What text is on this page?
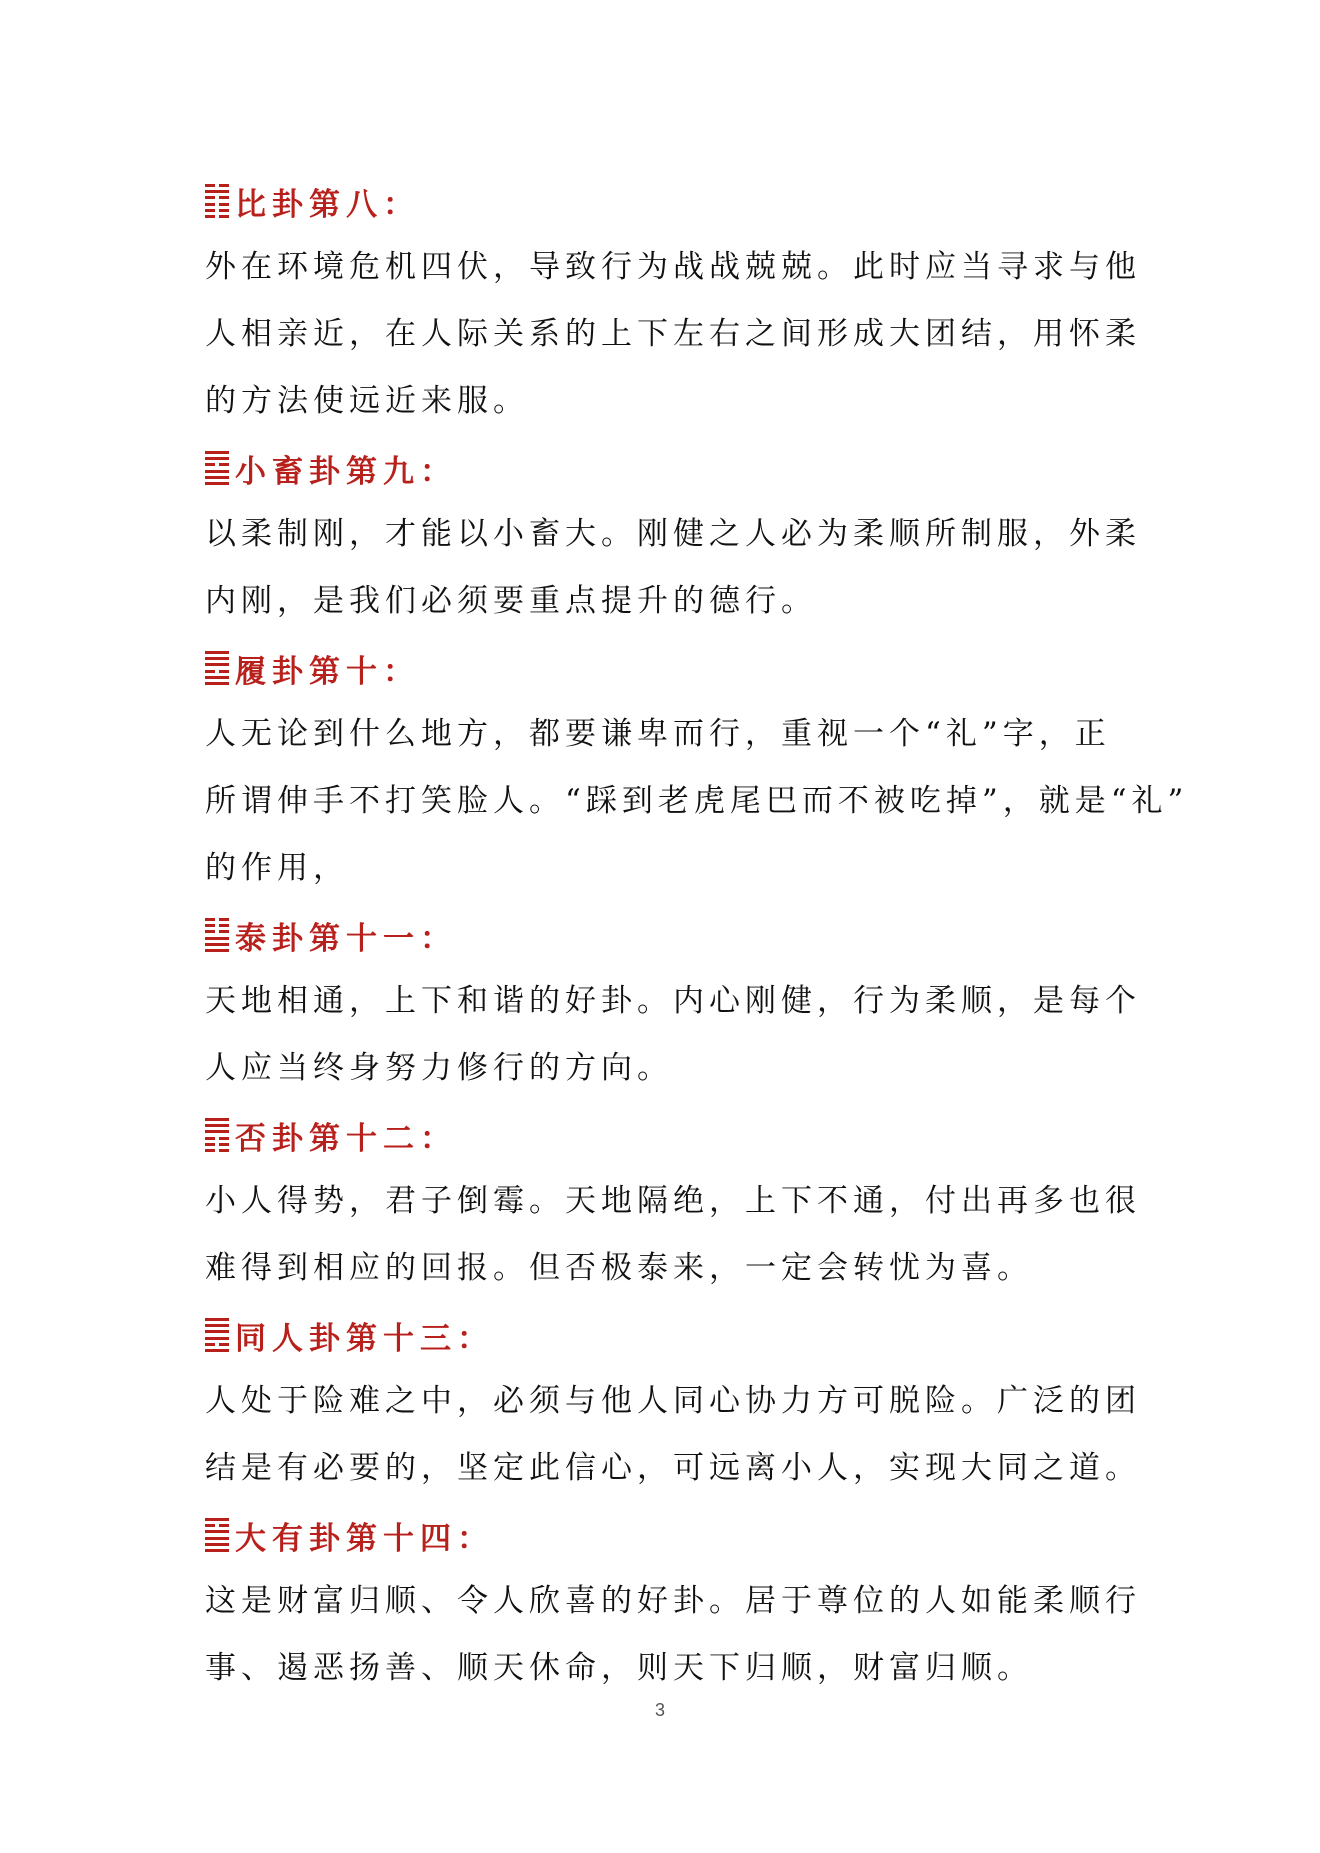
比卦第八：
外在环境危机四伏，导致行为战战兢兢。此时应当寻求与他
人相亲近，在人际关系的上下左右之间形成大团结，用怀柔
的方法使远近来服。
小畜卦第九：
以柔制刚，才能以小畜大。刚健之人必为柔顺所制服，外柔
内刚，是我们必须要重点提升的德行。
履卦第十：
人无论到什么地方，都要谦卑而行，重视一个“礼”字，正
所谓伸手不打笑脸人。“踩到老虎尾巴而不被吃掉”，就是“礼”
的作用，
泰卦第十一：
天地相通，上下和谐的好卦。内心刚健，行为柔顺，是每个
人应当终身努力修行的方向。
否卦第十二：
小人得势，君子倒霉。天地隔绝，上下不通，付出再多也很
难得到相应的回报。但否极泰来，一定会转忧为喜。
同人卦第十三：
人处于险难之中，必须与他人同心协力方可脱险。广泛的团
结是有必要的，坚定此信心，可远离小人，实现大同之道。
大有卦第十四：
这是财富归顺、令人欣喜的好卦。居于尊位的人如能柔顺行
事、遏恶扬善、顺天休命，则天下归顺，财富归顺。
3
